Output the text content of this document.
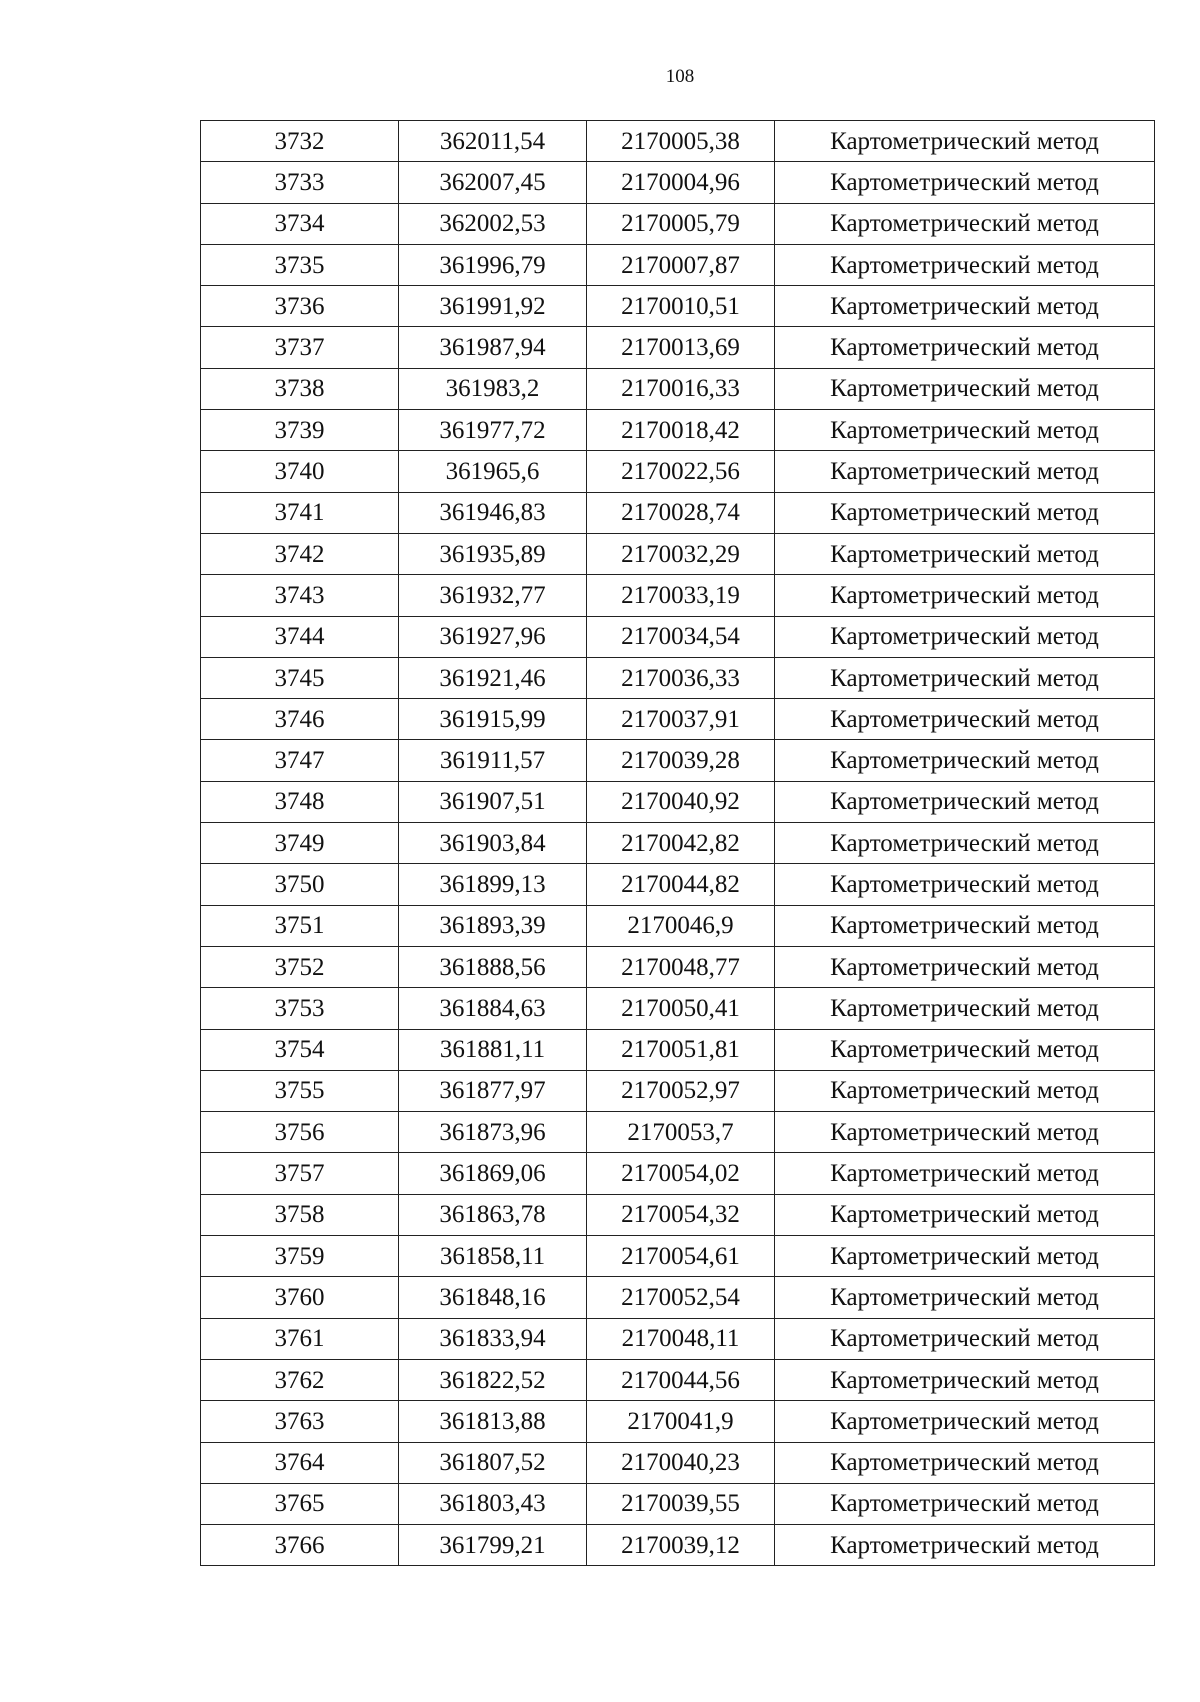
108
3732	362011,54	2170005,38	Картометрический метод
3733	362007,45	2170004,96	Картометрический метод
3734	362002,53	2170005,79	Картометрический метод
3735	361996,79	2170007,87	Картометрический метод
3736	361991,92	2170010,51	Картометрический метод
3737	361987,94	2170013,69	Картометрический метод
3738	361983,2	2170016,33	Картометрический метод
3739	361977,72	2170018,42	Картометрический метод
3740	361965,6	2170022,56	Картометрический метод
3741	361946,83	2170028,74	Картометрический метод
3742	361935,89	2170032,29	Картометрический метод
3743	361932,77	2170033,19	Картометрический метод
3744	361927,96	2170034,54	Картометрический метод
3745	361921,46	2170036,33	Картометрический метод
3746	361915,99	2170037,91	Картометрический метод
3747	361911,57	2170039,28	Картометрический метод
3748	361907,51	2170040,92	Картометрический метод
3749	361903,84	2170042,82	Картометрический метод
3750	361899,13	2170044,82	Картометрический метод
3751	361893,39	2170046,9	Картометрический метод
3752	361888,56	2170048,77	Картометрический метод
3753	361884,63	2170050,41	Картометрический метод
3754	361881,11	2170051,81	Картометрический метод
3755	361877,97	2170052,97	Картометрический метод
3756	361873,96	2170053,7	Картометрический метод
3757	361869,06	2170054,02	Картометрический метод
3758	361863,78	2170054,32	Картометрический метод
3759	361858,11	2170054,61	Картометрический метод
3760	361848,16	2170052,54	Картометрический метод
3761	361833,94	2170048,11	Картометрический метод
3762	361822,52	2170044,56	Картометрический метод
3763	361813,88	2170041,9	Картометрический метод
3764	361807,52	2170040,23	Картометрический метод
3765	361803,43	2170039,55	Картометрический метод
3766	361799,21	2170039,12	Картометрический метод
